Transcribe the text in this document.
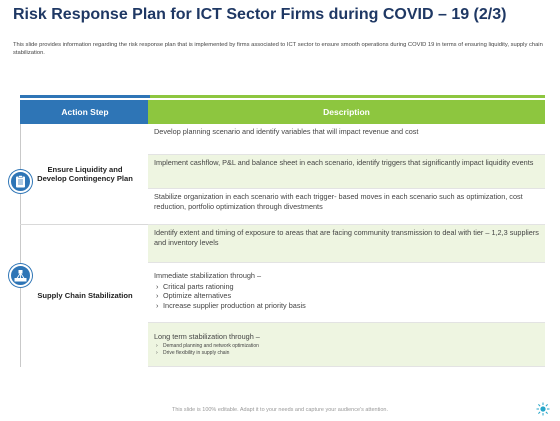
Risk Response Plan for ICT Sector Firms during COVID – 19 (2/3)
This slide provides information regarding the risk response plan that is implemented by firms associated to ICT sector to ensure smooth operations during COVID 19 in terms of ensuring liquidity, supply chain stabilization.
Action Step	Description
Ensure Liquidity and Develop Contingency Plan
Supply Chain Stabilization
Develop planning scenario and identify variables that will impact revenue and cost
Implement cashflow, P&L and balance sheet in each scenario, identify triggers that significantly impact liquidity events
Stabilize organization in each scenario with each trigger- based moves in each scenario such as optimization, cost reduction, portfolio optimization through divestments
Identify extent and timing of exposure to areas that are facing community transmission to deal with tier – 1,2,3 suppliers and inventory levels
Immediate stabilization through –
› Critical parts rationing
› Optimize alternatives
› Increase supplier production at priority basis
Long term stabilization through –
› Demand planning and network optimization
› Drive flexibility in supply chain
This slide is 100% editable. Adapt it to your needs and capture your audience's attention.
